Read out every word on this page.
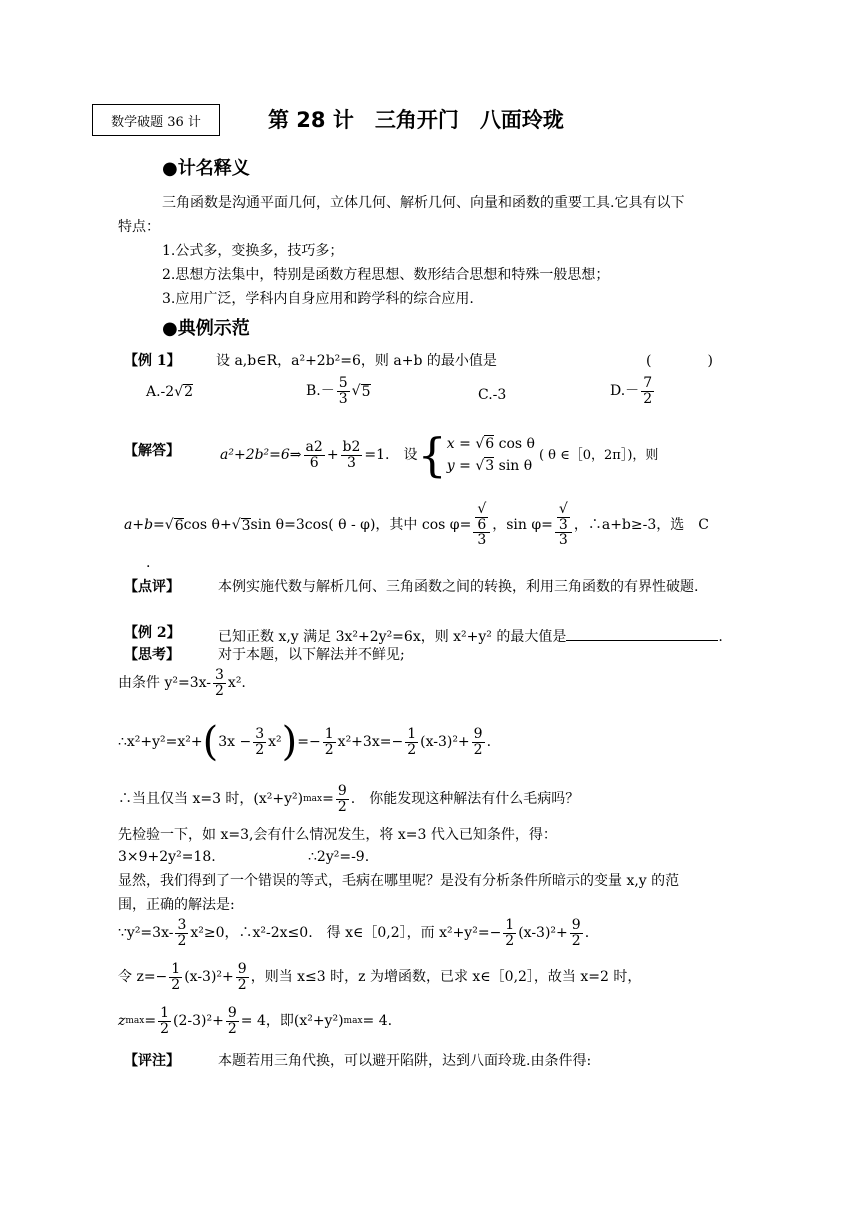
数学破题 36 计	第 28 计　三角开门　八面玲珑
●计名释义
三角函数是沟通平面几何，立体几何、解析几何、向量和函数的重要工具.它具有以下
特点：
1.公式多，变换多，技巧多；
2.思想方法集中，特别是函数方程思想、数形结合思想和特殊一般思想；
3.应用广泛，学科内自身应用和跨学科的综合应用.
●典例示范
【例 1】	设 a,b∈R，a²+2b²=6，则 a+b 的最小值是	(　　　　)
A.-2 √ 2	$B.- \frac{5}{3}$ √ 5	C.-3	$D.- \frac{7}{2}$
【解答】	a²+2b²=6⇒ $\frac{a2}{6} + \frac{b2}{3} =1$.　设 { x = √ 6 cos θ
y = √ 3 sin θ
( θ ∈［0，2π］)，则
a+b= √ 6 cos θ+ √ 3 sin θ=3cos( θ - φ)，其中 cos φ=
√ $\frac{6}{3}$ ，sin φ=
√ $\frac{3}{3}$ ，∴a+b≥-3，选　C
.
【点评】	本例实施代数与解析几何、三角函数之间的转换，利用三角函数的有界性破题.
【例 2】	已知正数 x,y 满足 3x²+2y²=6x，则 x²+y² 的最大值是	.
【思考】	对于本题，以下解法并不鲜见;
由条件 $y^2=3x- \frac{3}{2} x^2$.
∴x²+y²=x²+ ( $3x - \frac{3}{2} x^2$ ) =− $\frac{1}{2} x^2+3x=- \frac{1}{2} (x-3)^2+ \frac{9}{2}$ .
∴当且仅当 x=3 时，(x²+y²) $\max = \frac{9}{2}$ .　你能发现这种解法有什么毛病吗？
先检验一下，如 x=3,会有什么情况发生，将 x=3 代入已知条件，得：
3×9+2y²=18.	∴2y²=-9.
显然，我们得到了一个错误的等式，毛病在哪里呢？是没有分析条件所暗示的变量 x,y 的范
围，正确的解法是:
∵y²=3x- $\frac{3}{2} x^2\ge 0$，∴x²-2x≤0.　得 x∈［0,2］，而 $x^2+y^2=- \frac{1}{2} (x-3)^2+ \frac{9}{2}$ .
令 $z=- \frac{1}{2} (x-3)^2+ \frac{9}{2}$ ，则当 x≤3 时，z 为增函数，已求 x∈［0,2］，故当 x=2 时，
z $\max = \frac{1}{2} (2-3)^2+ \frac{9}{2} = 4$，即(x²+y²) max = 4.
【评注】	本题若用三角代换，可以避开陷阱，达到八面玲珑.由条件得:
